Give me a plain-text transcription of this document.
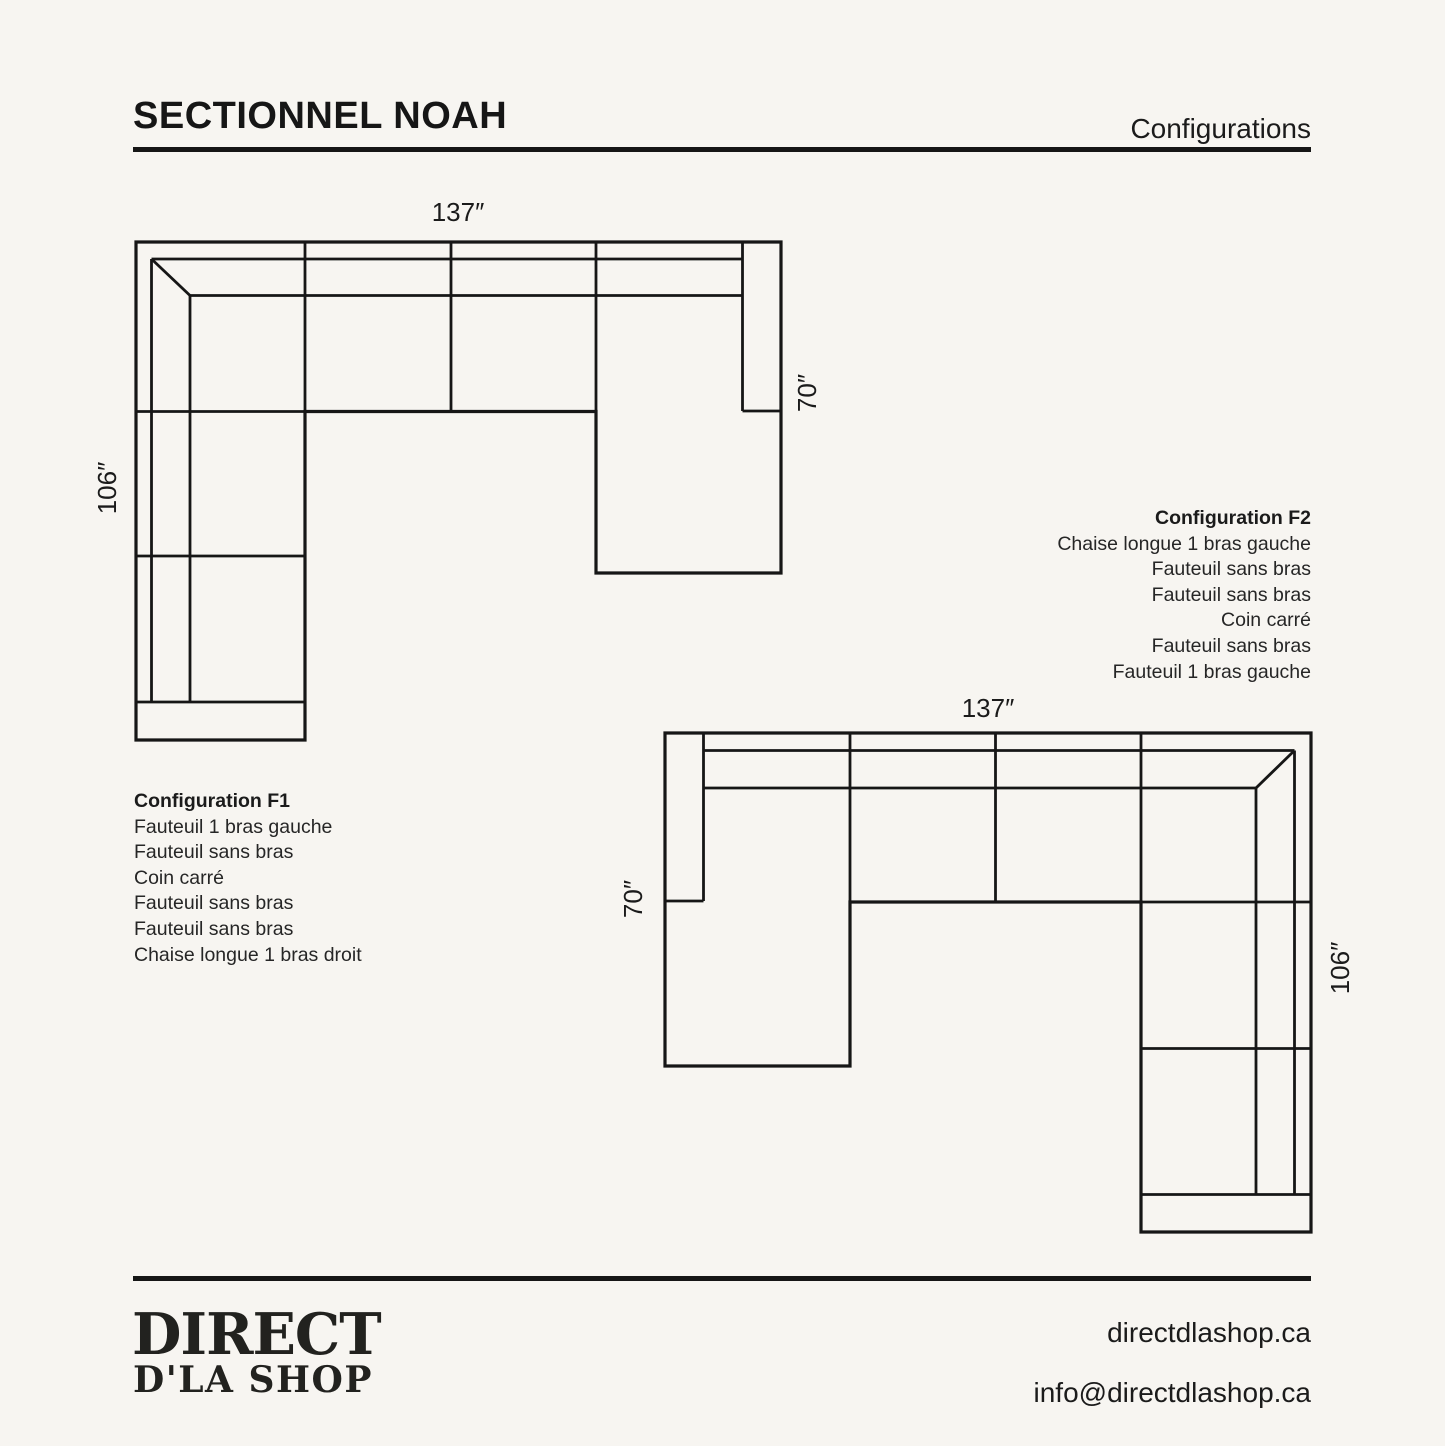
SECTIONNEL NOAH	Configurations
137″
106″
70″
137″
70″
106″
Configuration F1
Fauteuil 1 bras gauche
Fauteuil sans bras
Coin carré
Fauteuil sans bras
Fauteuil sans bras
Chaise longue 1 bras droit
Configuration F2
Chaise longue 1 bras gauche
Fauteuil sans bras
Fauteuil sans bras
Coin carré
Fauteuil sans bras
Fauteuil 1 bras gauche
DIRECT
D'LA SHOP
directdlashop.ca
info@directdlashop.ca
